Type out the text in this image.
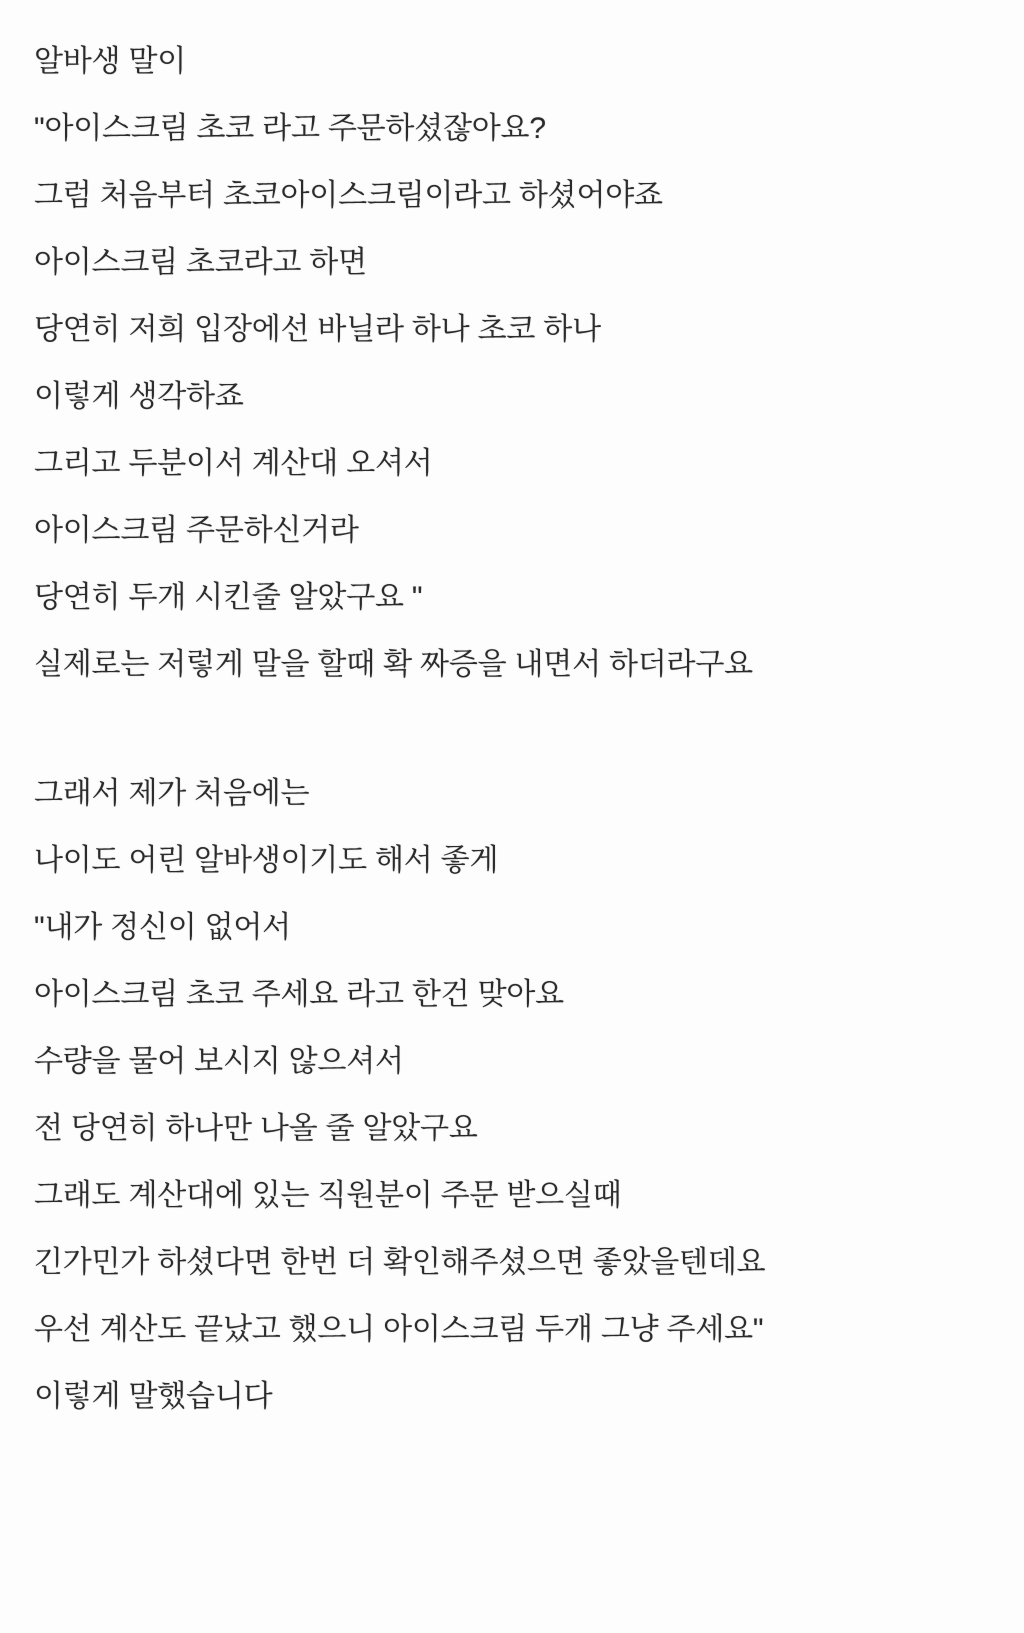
알바생 말이
"아이스크림 초코 라고 주문하셨잖아요?
그럼 처음부터 초코아이스크림이라고 하셨어야죠
아이스크림 초코라고 하면
당연히 저희 입장에선 바닐라 하나 초코 하나
이렇게 생각하죠
그리고 두분이서 계산대 오셔서
아이스크림 주문하신거라
당연히 두개 시킨줄 알았구요 "
실제로는 저렇게 말을 할때 확 짜증을 내면서 하더라구요
그래서 제가 처음에는
나이도 어린 알바생이기도 해서 좋게
"내가 정신이 없어서
아이스크림 초코 주세요 라고 한건 맞아요
수량을 물어 보시지 않으셔서
전 당연히 하나만 나올 줄 알았구요
그래도 계산대에 있는 직원분이 주문 받으실때
긴가민가 하셨다면 한번 더 확인해주셨으면 좋았을텐데요
우선 계산도 끝났고 했으니 아이스크림 두개 그냥 주세요"
이렇게 말했습니다
